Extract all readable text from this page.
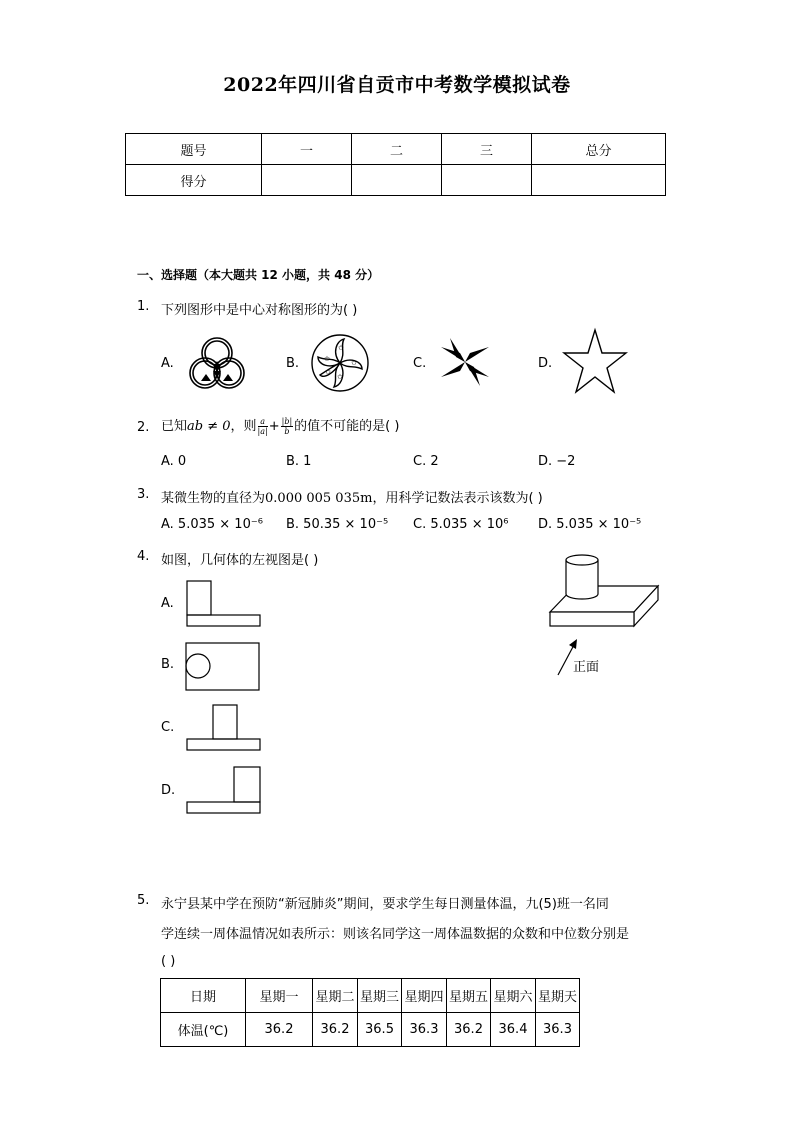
2022年四川省自贡市中考数学模拟试卷
题号	一	二	三	总分
得分				
一、选择题（本大题共 12 小题，共 48 分）
1. 下列图形中是中心对称图形的为( )
A.	B.
✩
✩
✩
✩
✩
C.	D.
2. 已知ab ≠ 0，则 $\frac{a}{|a|} + \frac{|b|}{b}$ 的值不可能的是( )
A. 0	B. 1	C. 2	D. −2
3. 某微生物的直径为0.000 005 035m，用科学记数法表示该数为( )
A. 5.035 × 10⁻⁶ B. 50.35 × 10⁻⁵ C. 5.035 × 10⁶ D. 5.035 × 10⁻⁵
4. 如图，几何体的左视图是( )
A.
B.
C.
D.
正面
5. 永宁县某中学在预防“新冠肺炎”期间，要求学生每日测量体温，九(5)班一名同
学连续一周体温情况如表所示：则该名同学这一周体温数据的众数和中位数分别是
( )
日期	星期一	星期二	星期三	星期四	星期五	星期六	星期天
体温(℃)	36.2	36.2	36.5	36.3	36.2	36.4	36.3
